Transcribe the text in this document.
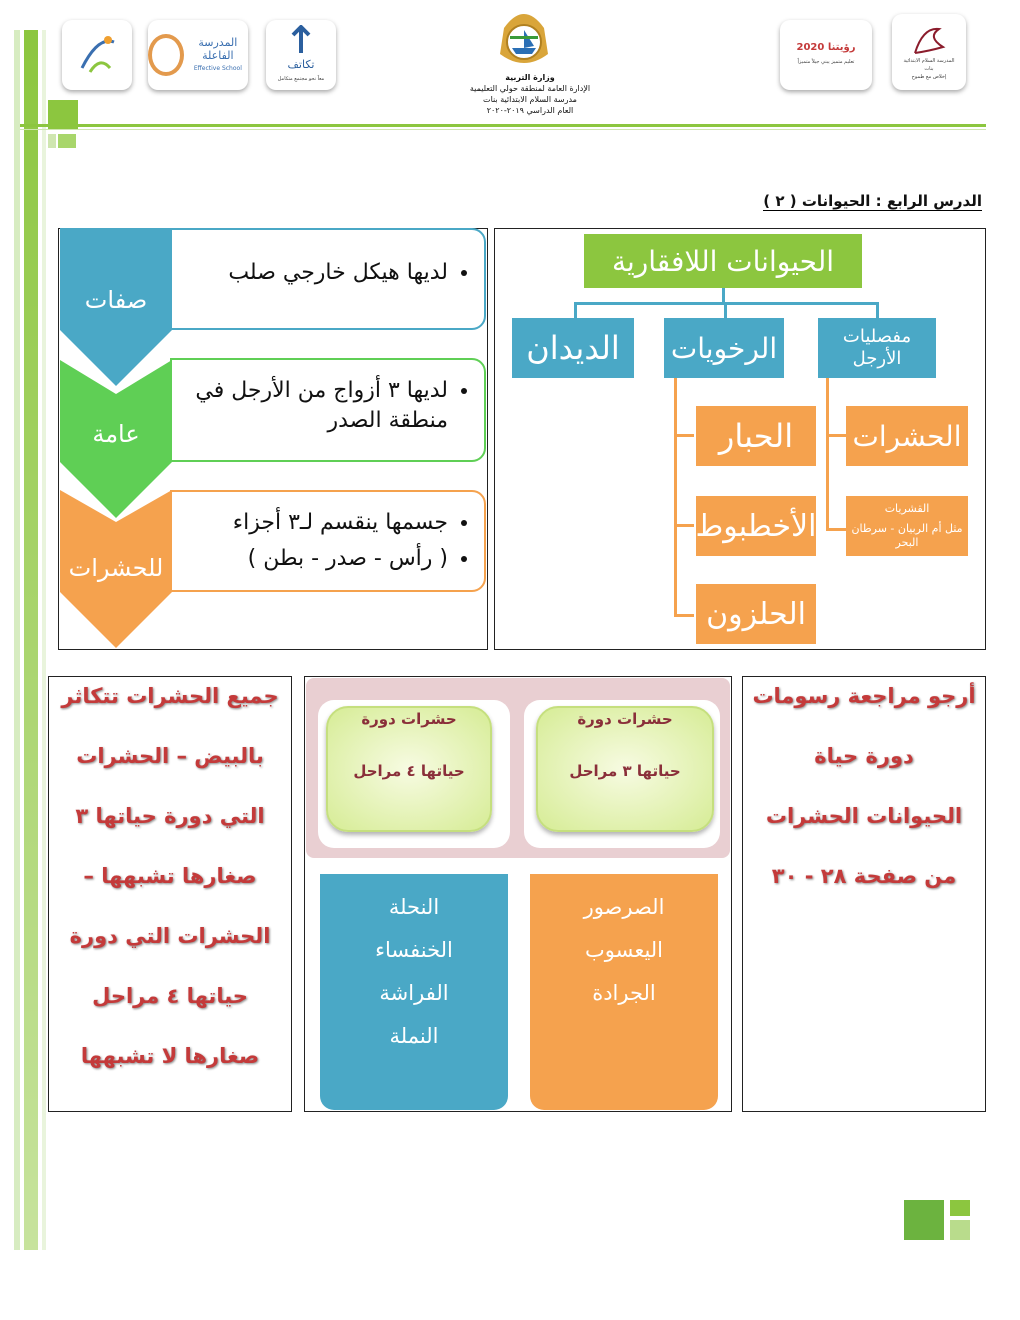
المدرسة الفاعلة
Effective School	تكاتف
معاً نحو مجتمع متكامل	وزارة التربية
الإدارة العامة لمنطقة حولي التعليمية
مدرسة السلام الابتدائية بنات
العام الدراسي ٢٠١٩-٢٠٢٠
رؤيتنا 2020
تعليم متميز يبني جيلاً متميزاً	المدرسة السلام الابتدائية
بنات
إخلاص مع طموح
الدرس الرابع : الحيوانات ( ٢ )
الحيوانات اللافقارية
مفصليات الأرجل
الرخويات
الديدان
الحشرات
القشريات
مثل أم الربيان - سرطان البحر
الحبار
الأخطبوط
الحلزون
صفات
عامة
للحشرات
• لديها هيكل خارجي صلب
• لديها ٣ أزواج من الأرجل في منطقة الصدر
• جسمها ينقسم لـ٣ أجزاء
• ( رأس - صدر - بطن )
أرجو مراجعة رسومات
دورة حياة
الحيوانات الحشرات
من صفحة ٢٨ - ٣٠
حشرات دورة
حياتها ٤ مراحل
حشرات دورة
حياتها ٣ مراحل
النحلة
الخنفساء
الفراشة
النملة
الصرصور
اليعسوب
الجرادة
جميع الحشرات تتكاثر
بالبيض – الحشرات
التي دورة حياتها ٣
صغارها تشبهها –
الحشرات التي دورة
حياتها ٤ مراحل
صغارها لا تشبهها
